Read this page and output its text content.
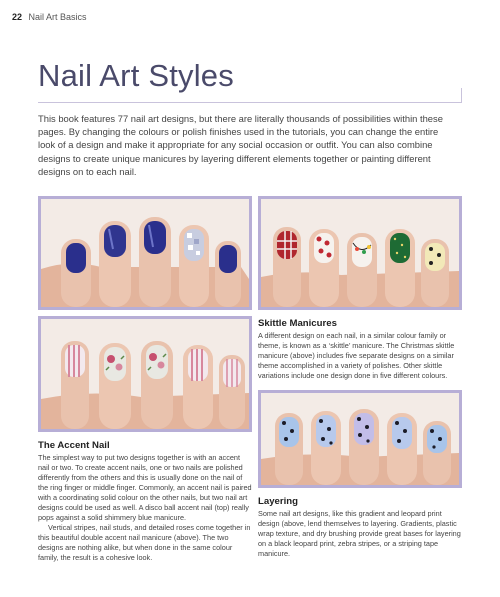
22 Nail Art Basics
Nail Art Styles

This book features 77 nail art designs, but there are literally thousands of possibilities within these pages. By changing the colours or polish finishes used in the tutorials, you can change the entire look of a design and make it appropriate for any social occasion or outfit. You can also combine designs to create unique manicures by layering different elements together or painting different designs on to each nail.

Skittle Manicures

A different design on each nail, in a similar colour family or theme, is known as a ‘skittle’ manicure. The Christmas skittle manicure (above) includes five separate designs on a similar theme accomplished in a variety of polishes. Other skittle variations include one design done in five different colours.

The Accent Nail

The simplest way to put two designs together is with an accent nail or two. To create accent nails, one or two nails are polished differently from the others and this is usually done on the nail of the ring finger or middle finger. Commonly, an accent nail is paired with a coordinating solid colour on the other nails, but two nail art designs could be used as well. A disco ball accent nail (top) really pops against a solid shimmery blue manicure.

Vertical stripes, nail studs, and detailed roses come together in this beautiful double accent nail manicure (above). The two designs are nothing alike, but when done in the same colour family, the result is a cohesive look.

Layering

Some nail art designs, like this gradient and leopard print design (above, lend themselves to layering. Gradients, plastic wrap texture, and dry brushing provide great bases for layering on a black leopard print, zebra stripes, or a striping tape manicure.
